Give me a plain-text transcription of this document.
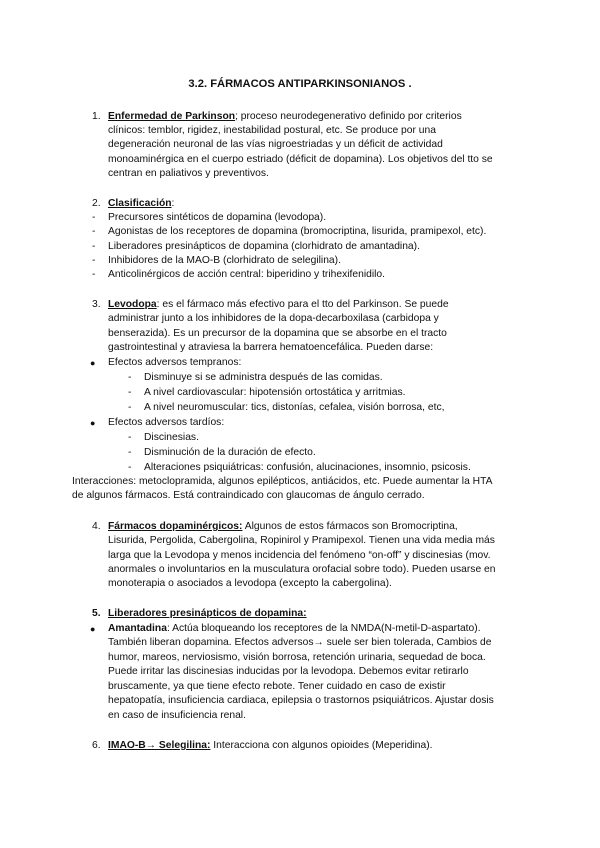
3.2. FÁRMACOS ANTIPARKINSONIANOS .
1. Enfermedad de Parkinson; proceso neurodegenerativo definido por criterios
clínicos: temblor, rigidez, inestabilidad postural, etc. Se produce por una
degeneración neuronal de las vías nigroestriadas y un déficit de actividad
monoaminérgica en el cuerpo estriado (déficit de dopamina). Los objetivos del tto se
centran en paliativos y preventivos.
2. Clasificación:
- Precursores sintéticos de dopamina (levodopa).
- Agonistas de los receptores de dopamina (bromocriptina, lisurida, pramipexol, etc).
- Liberadores presinápticos de dopamina (clorhidrato de amantadina).
- Inhibidores de la MAO-B (clorhidrato de selegilina).
- Anticolinérgicos de acción central: biperidino y trihexifenidilo.
3. Levodopa: es el fármaco más efectivo para el tto del Parkinson. Se puede
administrar junto a los inhibidores de la dopa-decarboxilasa (carbidopa y
benserazida). Es un precursor de la dopamina que se absorbe en el tracto
gastrointestinal y atraviesa la barrera hematoencefálica. Pueden darse:
● Efectos adversos tempranos:
- Disminuye si se administra después de las comidas.
- A nivel cardiovascular: hipotensión ortostática y arritmias.
- A nivel neuromuscular: tics, distonías, cefalea, visión borrosa, etc,
● Efectos adversos tardíos:
- Discinesias.
- Disminución de la duración de efecto.
- Alteraciones psiquiátricas: confusión, alucinaciones, insomnio, psicosis.
Interacciones: metoclopramida, algunos epilépticos, antiácidos, etc. Puede aumentar la HTA
de algunos fármacos. Está contraindicado con glaucomas de ángulo cerrado.
4. Fármacos dopaminérgicos: Algunos de estos fármacos son Bromocriptina,
Lisurida, Pergolida, Cabergolina, Ropinirol y Pramipexol. Tienen una vida media más
larga que la Levodopa y menos incidencia del fenómeno “on-off” y discinesias (mov.
anormales o involuntarios en la musculatura orofacial sobre todo). Pueden usarse en
monoterapia o asociados a levodopa (excepto la cabergolina).
5. Liberadores presinápticos de dopamina:
● Amantadina: Actúa bloqueando los receptores de la NMDA(N-metil-D-aspartato).
También liberan dopamina. Efectos adversos→ suele ser bien tolerada, Cambios de
humor, mareos, nerviosismo, visión borrosa, retención urinaria, sequedad de boca.
Puede irritar las discinesias inducidas por la levodopa. Debemos evitar retirarlo
bruscamente, ya que tiene efecto rebote. Tener cuidado en caso de existir
hepatopatía, insuficiencia cardiaca, epilepsia o trastornos psiquiátricos. Ajustar dosis
en caso de insuficiencia renal.
6. IMAO-B→ Selegilina: Interacciona con algunos opioides (Meperidina).
